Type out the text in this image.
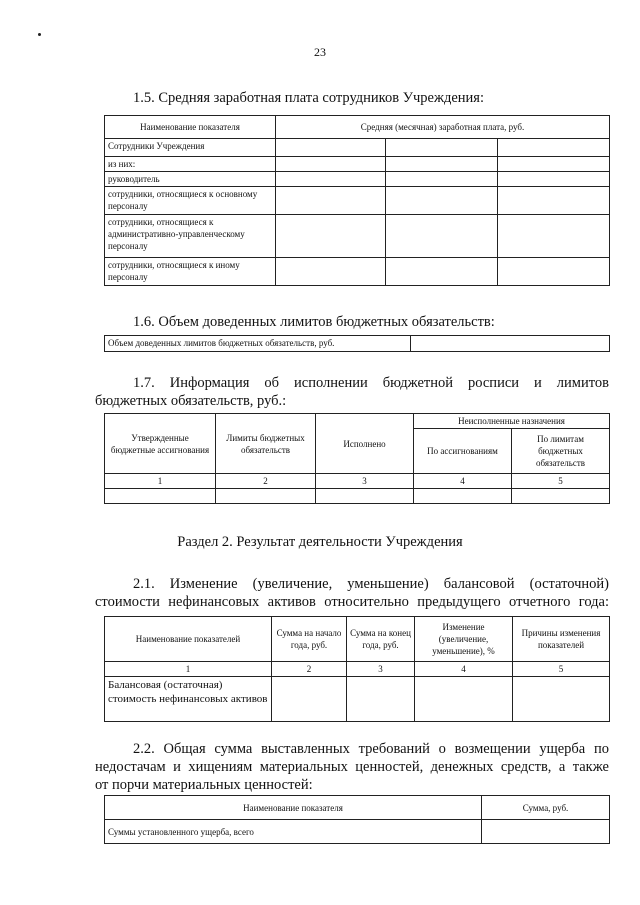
23
1.5. Средняя заработная плата сотрудников Учреждения:
Наименование показателя	Средняя (месячная) заработная плата, руб.		
Сотрудники Учреждения			
из них:			
руководитель			
сотрудники, относящиеся к основному персоналу			
сотрудники, относящиеся к административно-управленческому персоналу			
сотрудники, относящиеся к иному персоналу			
1.6. Объем доведенных лимитов бюджетных обязательств:
Объем доведенных лимитов бюджетных обязательств, руб.	
1.7. Информация об исполнении бюджетной росписи и лимитов
бюджетных обязательств, руб.:
Утвержденные бюджетные ассигнования	Лимиты бюджетных обязательств	Исполнено	Неисполненные назначения	
			По ассигнованиям	По лимитам бюджетных обязательств
1	2	3	4	5

Раздел 2. Результат деятельности Учреждения
2.1. Изменение (увеличение, уменьшение) балансовой (остаточной)
стоимости нефинансовых активов относительно предыдущего отчетного года:
Наименование показателей	Сумма на начало года, руб.	Сумма на конец года, руб.	Изменение (увеличение, уменьшение), %	Причины изменения показателей
1	2	3	4	5
Балансовая (остаточная) стоимость нефинансовых активов				
2.2. Общая сумма выставленных требований о возмещении ущерба по
недостачам и хищениям материальных ценностей, денежных средств, а также
от порчи материальных ценностей:
Наименование показателя	Сумма, руб.
Суммы установленного ущерба, всего	
